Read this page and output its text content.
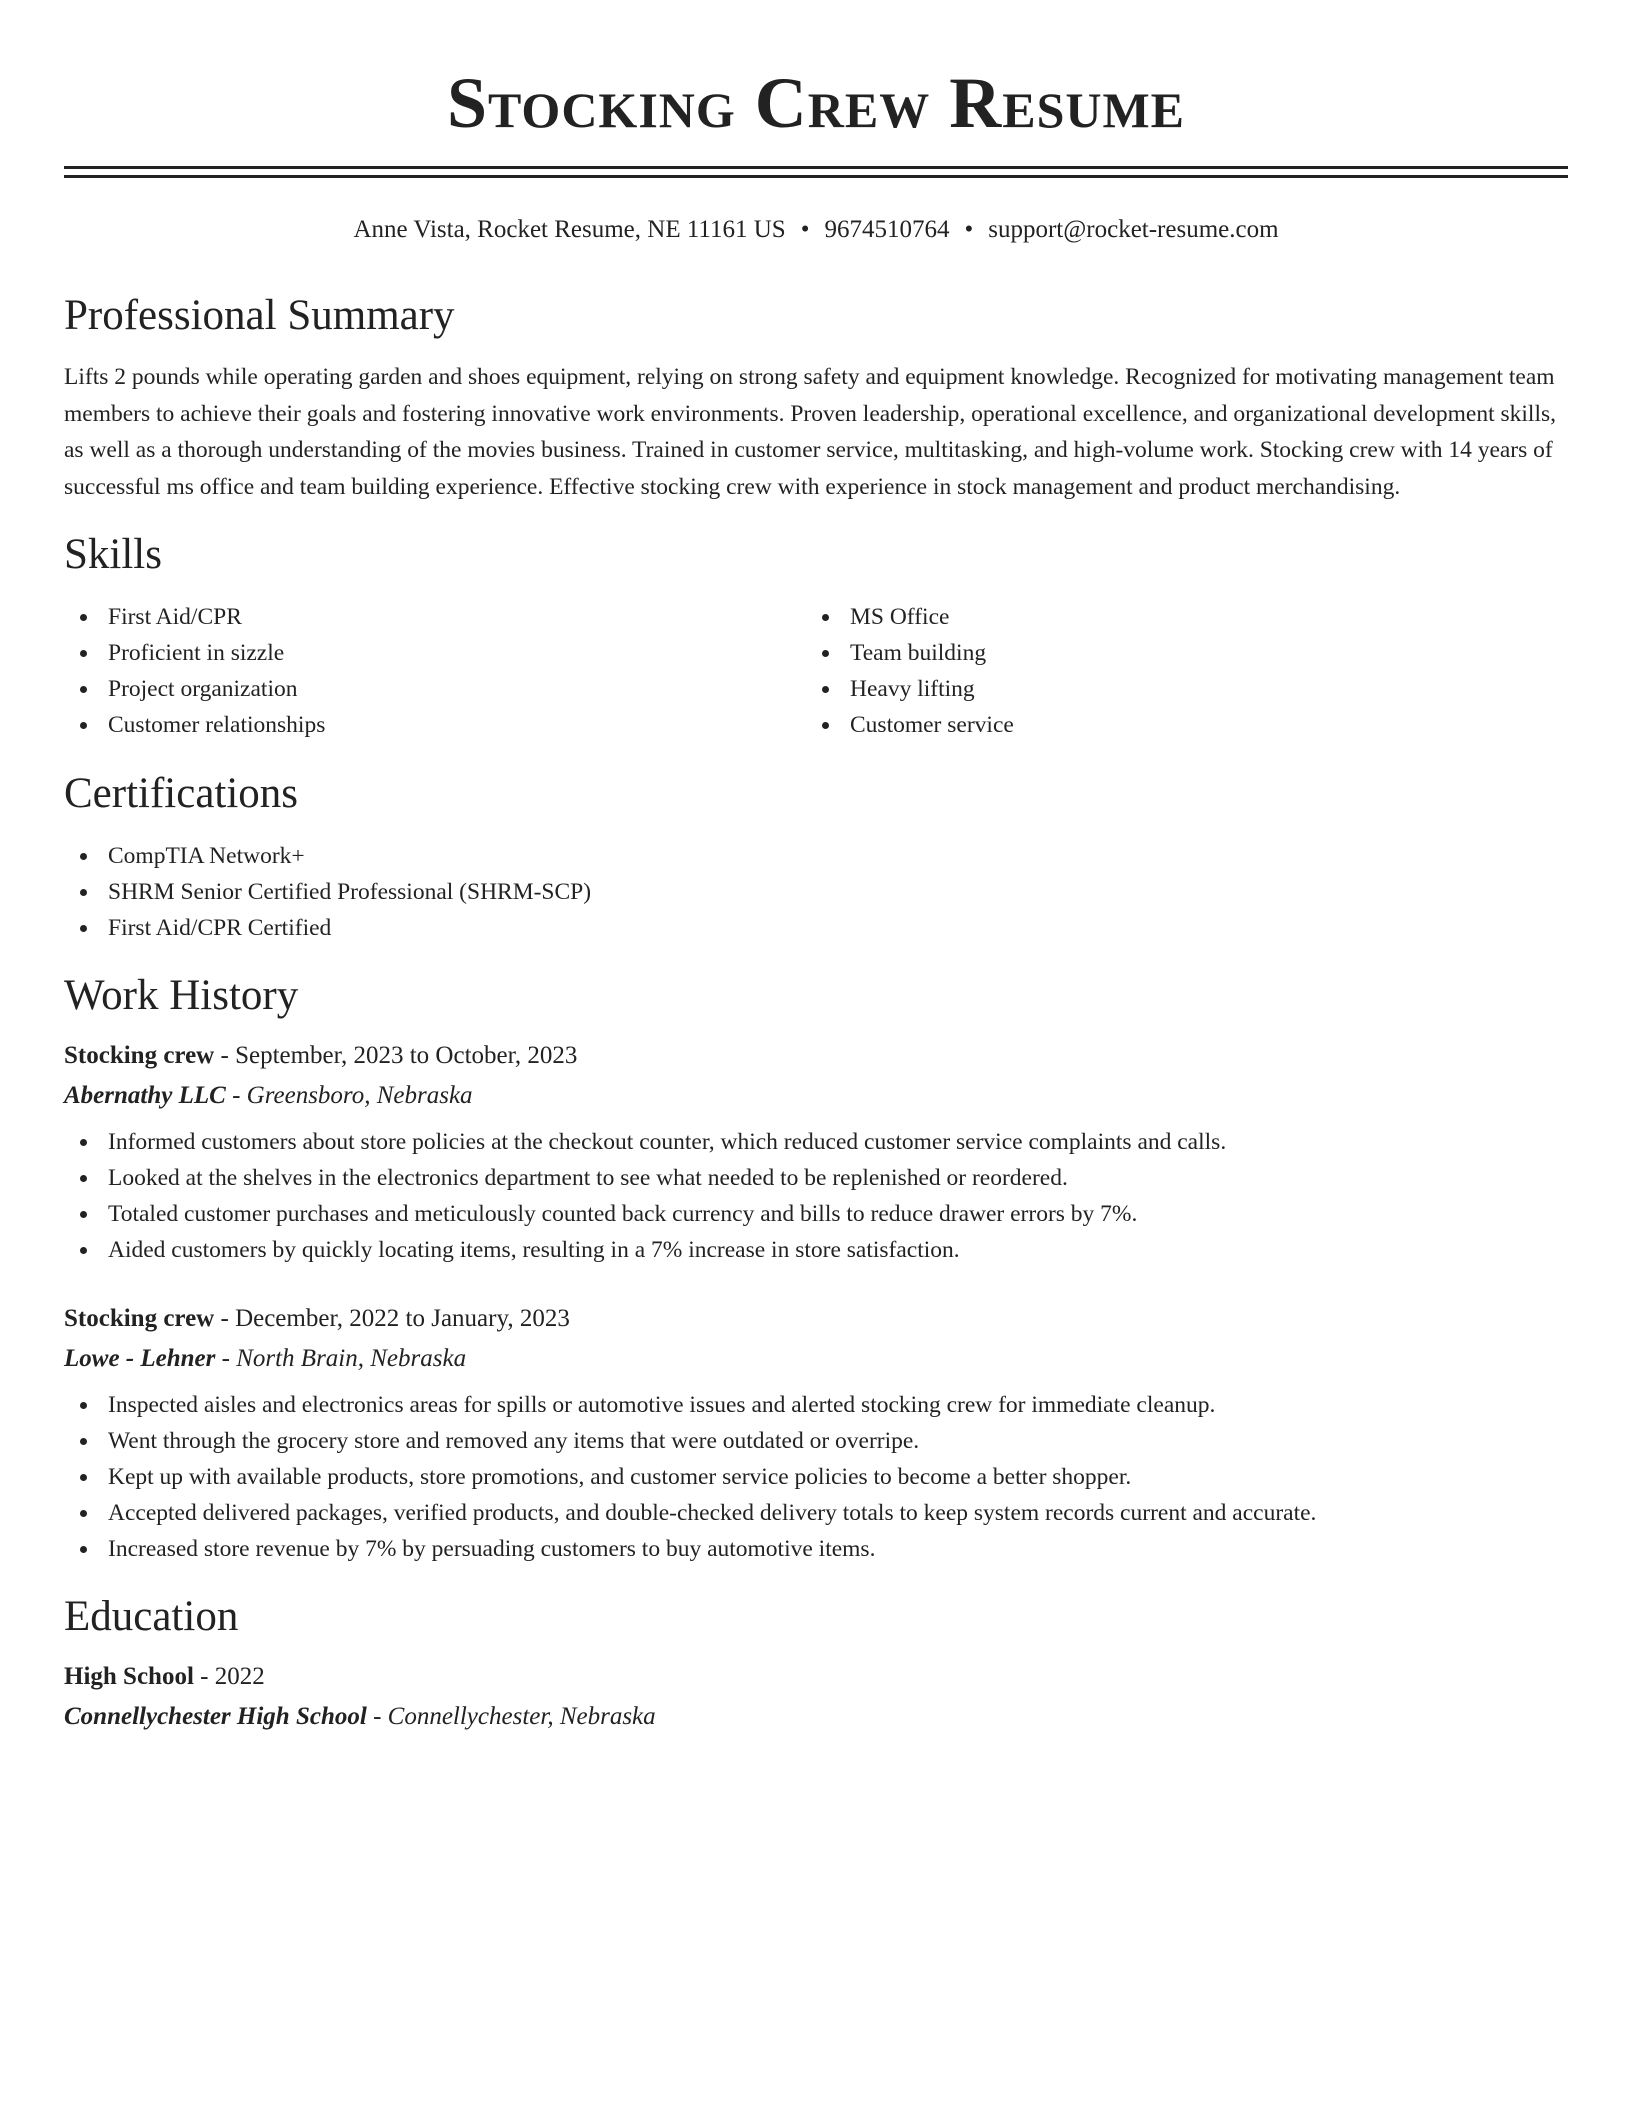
Stocking Crew Resume
Anne Vista, Rocket Resume, NE 11161 US • 9674510764 • support@rocket-resume.com
Professional Summary

Lifts 2 pounds while operating garden and shoes equipment, relying on strong safety and equipment knowledge. Recognized for motivating management team members to achieve their goals and fostering innovative work environments. Proven leadership, operational excellence, and organizational development skills, as well as a thorough understanding of the movies business. Trained in customer service, multitasking, and high-volume work. Stocking crew with 14 years of successful ms office and team building experience. Effective stocking crew with experience in stock management and product merchandising.

Skills
First Aid/CPR
Proficient in sizzle
Project organization
Customer relationships
MS Office
Team building
Heavy lifting
Customer service
Certifications
CompTIA Network+
SHRM Senior Certified Professional (SHRM-SCP)
First Aid/CPR Certified
Work History
Stocking crew - September, 2023 to October, 2023
Abernathy LLC - Greensboro, Nebraska
Informed customers about store policies at the checkout counter, which reduced customer service complaints and calls.
Looked at the shelves in the electronics department to see what needed to be replenished or reordered.
Totaled customer purchases and meticulously counted back currency and bills to reduce drawer errors by 7%.
Aided customers by quickly locating items, resulting in a 7% increase in store satisfaction.
Stocking crew - December, 2022 to January, 2023
Lowe - Lehner - North Brain, Nebraska
Inspected aisles and electronics areas for spills or automotive issues and alerted stocking crew for immediate cleanup.
Went through the grocery store and removed any items that were outdated or overripe.
Kept up with available products, store promotions, and customer service policies to become a better shopper.
Accepted delivered packages, verified products, and double-checked delivery totals to keep system records current and accurate.
Increased store revenue by 7% by persuading customers to buy automotive items.
Education
High School - 2022
Connellychester High School - Connellychester, Nebraska
